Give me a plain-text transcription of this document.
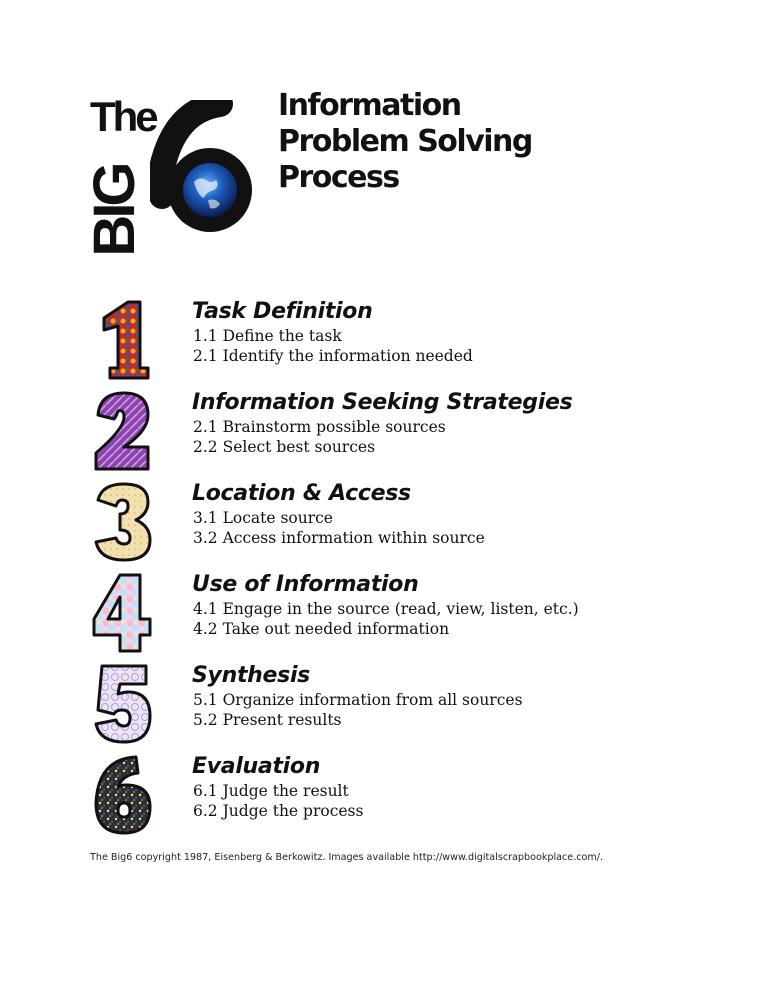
The
BIG
Information
Problem Solving
Process
Task Definition
1.1 Define the task
2.1 Identify the information needed
Information Seeking Strategies
2.1 Brainstorm possible sources
2.2 Select best sources
Location & Access
3.1 Locate source
3.2 Access information within source
Use of Information
4.1 Engage in the source (read, view, listen, etc.)
4.2 Take out needed information
Synthesis
5.1 Organize information from all sources
5.2 Present results
Evaluation
6.1 Judge the result
6.2 Judge the process
The Big6 copyright 1987, Eisenberg & Berkowitz. Images available http://www.digitalscrapbookplace.com/.
